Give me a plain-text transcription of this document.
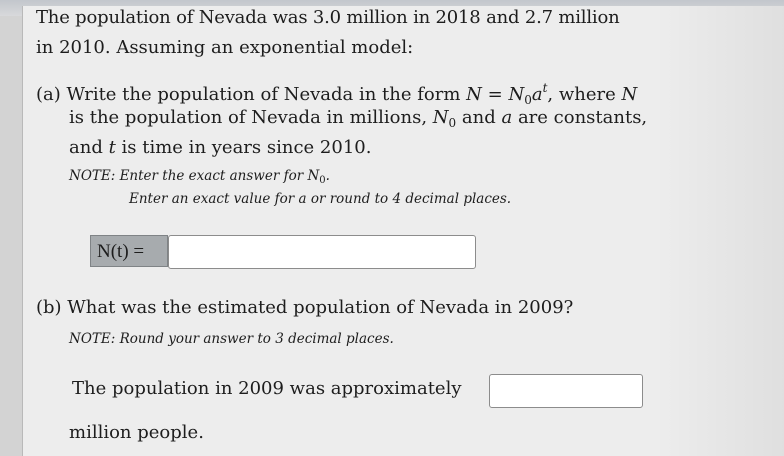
The population of Nevada was 3.0 million in 2018 and 2.7 million
in 2010. Assuming an exponential model:
(a) Write the population of Nevada in the form $N = N_0a^t$, where N
is the population of Nevada in millions, $N_0$ and a are constants,
and t is time in years since 2010.
NOTE: Enter the exact answer for $N_0$.
Enter an exact value for a or round to 4 decimal places.
N(t) =
(b) What was the estimated population of Nevada in 2009?
NOTE: Round your answer to 3 decimal places.
The population in 2009 was approximately
million people.
